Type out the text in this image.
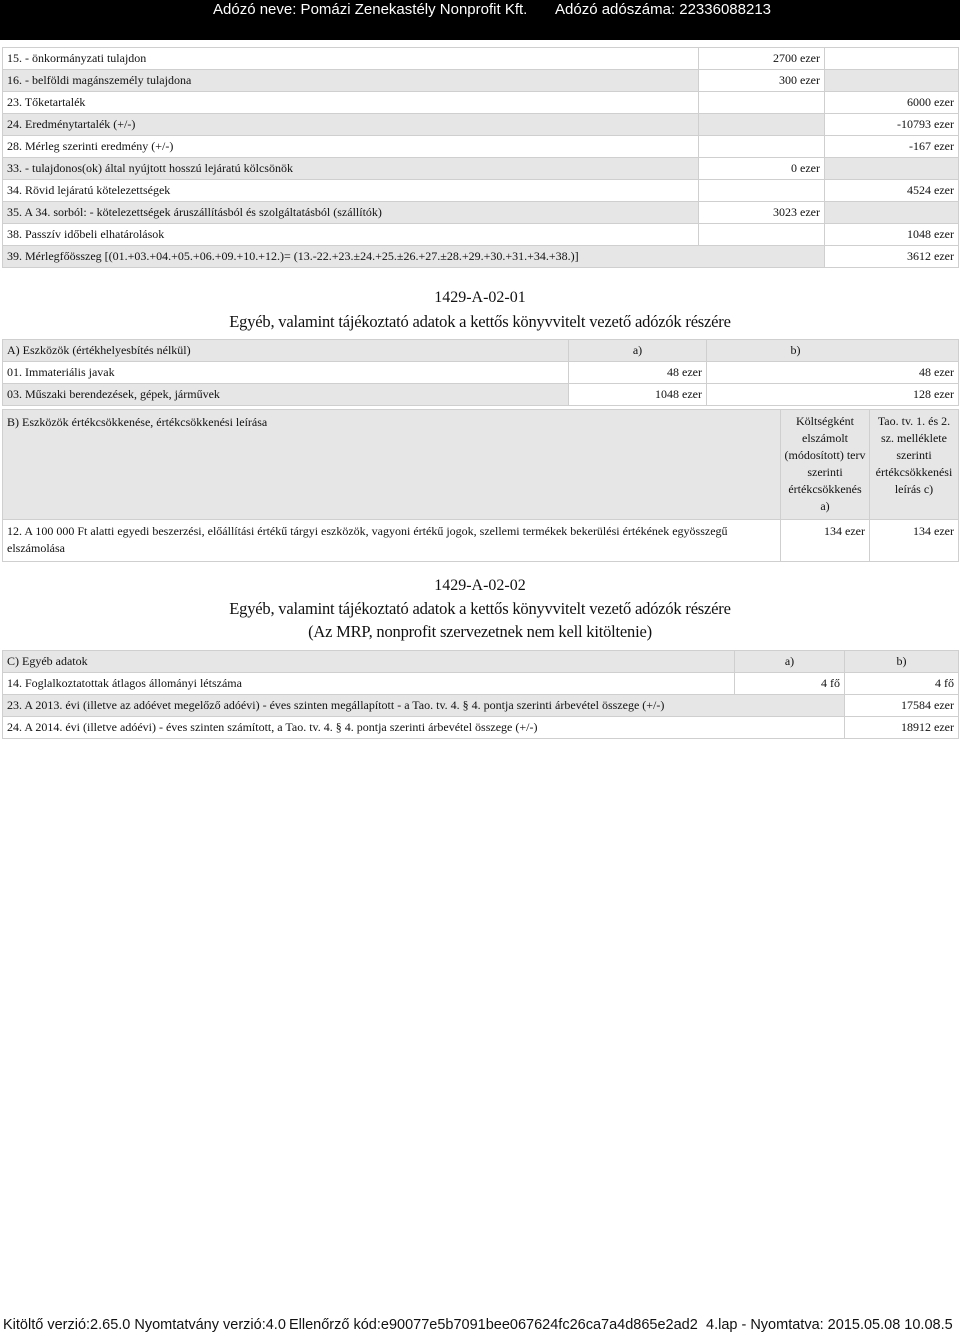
Adózó neve: Pomázi Zenekastély Nonprofit Kft. Adózó adószáma: 22336088213
15. - önkormányzati tulajdon	2700 ezer	
16. - belföldi magánszemély tulajdona	300 ezer	
23. Tőketartalék		6000 ezer
24. Eredménytartalék (+/-)		-10793 ezer
28. Mérleg szerinti eredmény (+/-)		-167 ezer
33. - tulajdonos(ok) által nyújtott hosszú lejáratú kölcsönök	0 ezer	
34. Rövid lejáratú kötelezettségek		4524 ezer
35. A 34. sorból: - kötelezettségek áruszállításból és szolgáltatásból (szállítók)	3023 ezer	
38. Passzív időbeli elhatárolások		1048 ezer
39. Mérlegfőösszeg [(01.+03.+04.+05.+06.+09.+10.+12.)= (13.-22.+23.±24.+25.±26.+27.±28.+29.+30.+31.+34.+38.)]		3612 ezer
1429-A-02-01
Egyéb, valamint tájékoztató adatok a kettős könyvvitelt vezető adózók részére
A) Eszközök (értékhelyesbítés nélkül)	a)	b)
01. Immateriális javak	48 ezer	48 ezer
03. Műszaki berendezések, gépek, járművek	1048 ezer	128 ezer
B) Eszközök értékcsökkenése, értékcsökkenési leírása	Költségként elszámolt (módosított) terv szerinti értékcsökkenés a)	Tao. tv. 1. és 2. sz. melléklete szerinti értékcsökkenési leírás c)
12. A 100 000 Ft alatti egyedi beszerzési, előállítási értékű tárgyi eszközök, vagyoni értékű jogok, szellemi termékek bekerülési értékének egyösszegű elszámolása	134 ezer	134 ezer
1429-A-02-02
Egyéb, valamint tájékoztató adatok a kettős könyvvitelt vezető adózók részére
(Az MRP, nonprofit szervezetnek nem kell kitöltenie)
C) Egyéb adatok	a)	b)
14. Foglalkoztatottak átlagos állományi létszáma	4 fő	4 fő
23. A 2013. évi (illetve az adóévet megelőző adóévi) - éves szinten megállapított - a Tao. tv. 4. § 4. pontja szerinti árbevétel összege (+/-)		17584 ezer
24. A 2014. évi (illetve adóévi) - éves szinten számított, a Tao. tv. 4. § 4. pontja szerinti árbevétel összege (+/-)		18912 ezer
Kitöltő verzió:2.65.0 Nyomtatvány verzió:4.0 Ellenőrző kód:e90077e5b7091bee067624fc26ca7a4d865e2ad2 4.lap - Nyomtatva: 2015.05.08 10.08.5
